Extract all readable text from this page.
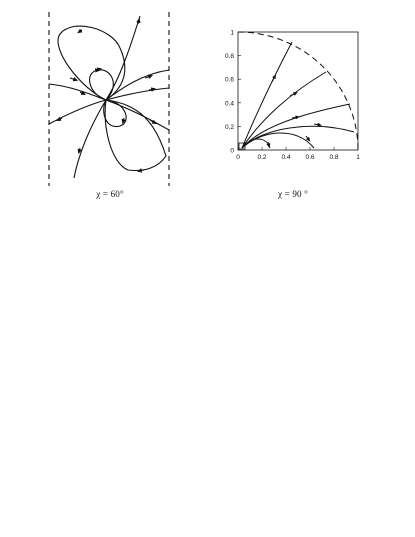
χ = 60°
0	0.2 0.4 0.6 0.8	1
0
0.2
0.4
0.6
0.8
1
χ = 90 °
